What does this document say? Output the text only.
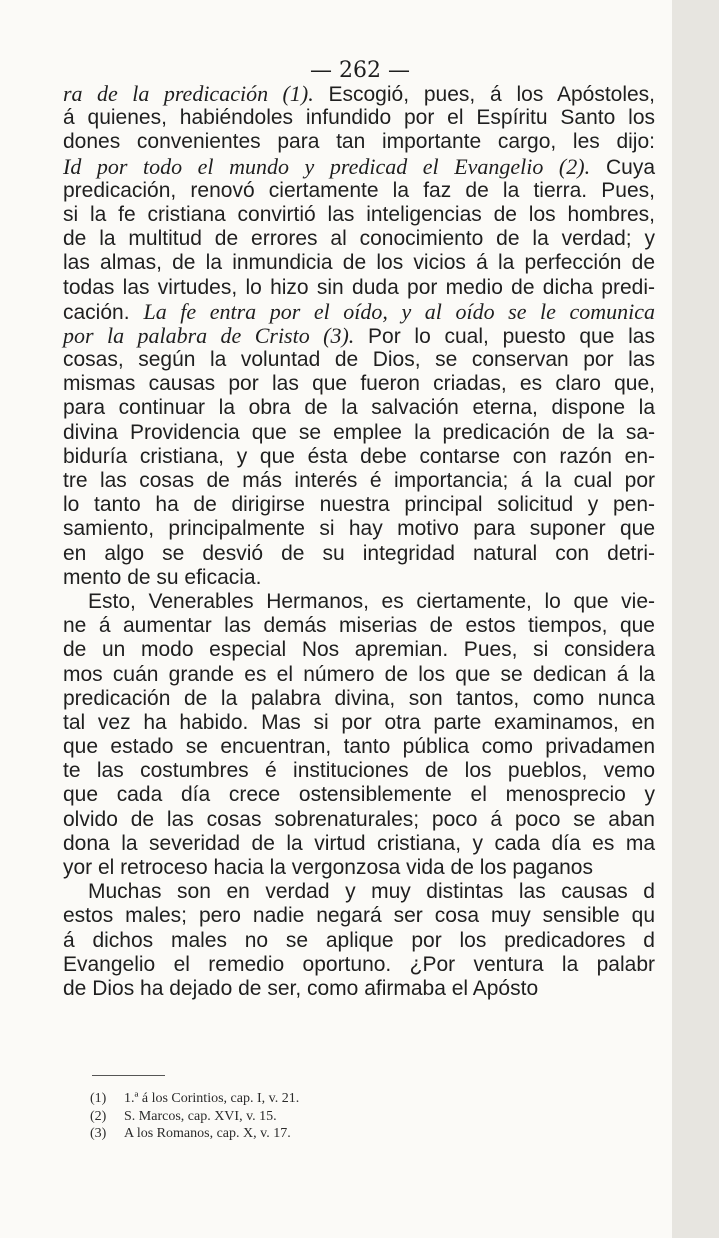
— 262 —
ra de la predicación (1). Escogió, pues, á los Apóstoles,
á quienes, habiéndoles infundido por el Espíritu Santo los
dones convenientes para tan importante cargo, les dijo:
Id por todo el mundo y predicad el Evangelio (2). Cuya
predicación, renovó ciertamente la faz de la tierra. Pues,
si la fe cristiana convirtió las inteligencias de los hombres,
de la multitud de errores al conocimiento de la verdad; y
las almas, de la inmundicia de los vicios á la perfección de
todas las virtudes, lo hizo sin duda por medio de dicha predi-
cación. La fe entra por el oído, y al oído se le comunica
por la palabra de Cristo (3). Por lo cual, puesto que las
cosas, según la voluntad de Dios, se conservan por las
mismas causas por las que fueron criadas, es claro que,
para continuar la obra de la salvación eterna, dispone la
divina Providencia que se emplee la predicación de la sa-
biduría cristiana, y que ésta debe contarse con razón en-
tre las cosas de más interés é importancia; á la cual por
lo tanto ha de dirigirse nuestra principal solicitud y pen-
samiento, principalmente si hay motivo para suponer que
en algo se desvió de su integridad natural con detri-
mento de su eficacia.
Esto, Venerables Hermanos, es ciertamente, lo que vie-
ne á aumentar las demás miserias de estos tiempos, que
de un modo especial Nos apremian. Pues, si considera
mos cuán grande es el número de los que se dedican á la
predicación de la palabra divina, son tantos, como nunca
tal vez ha habido. Mas si por otra parte examinamos, en
que estado se encuentran, tanto pública como privadamen
te las costumbres é instituciones de los pueblos, vemo
que cada día crece ostensiblemente el menosprecio y
olvido de las cosas sobrenaturales; poco á poco se aban
dona la severidad de la virtud cristiana, y cada día es ma
yor el retroceso hacia la vergonzosa vida de los paganos
Muchas son en verdad y muy distintas las causas d
estos males; pero nadie negará ser cosa muy sensible qu
á dichos males no se aplique por los predicadores d
Evangelio el remedio oportuno. ¿Por ventura la palabr
de Dios ha dejado de ser, como afirmaba el Apósto
(1) 1.ª á los Corintios, cap. I, v. 21.
(2) S. Marcos, cap. XVI, v. 15.
(3) A los Romanos, cap. X, v. 17.
